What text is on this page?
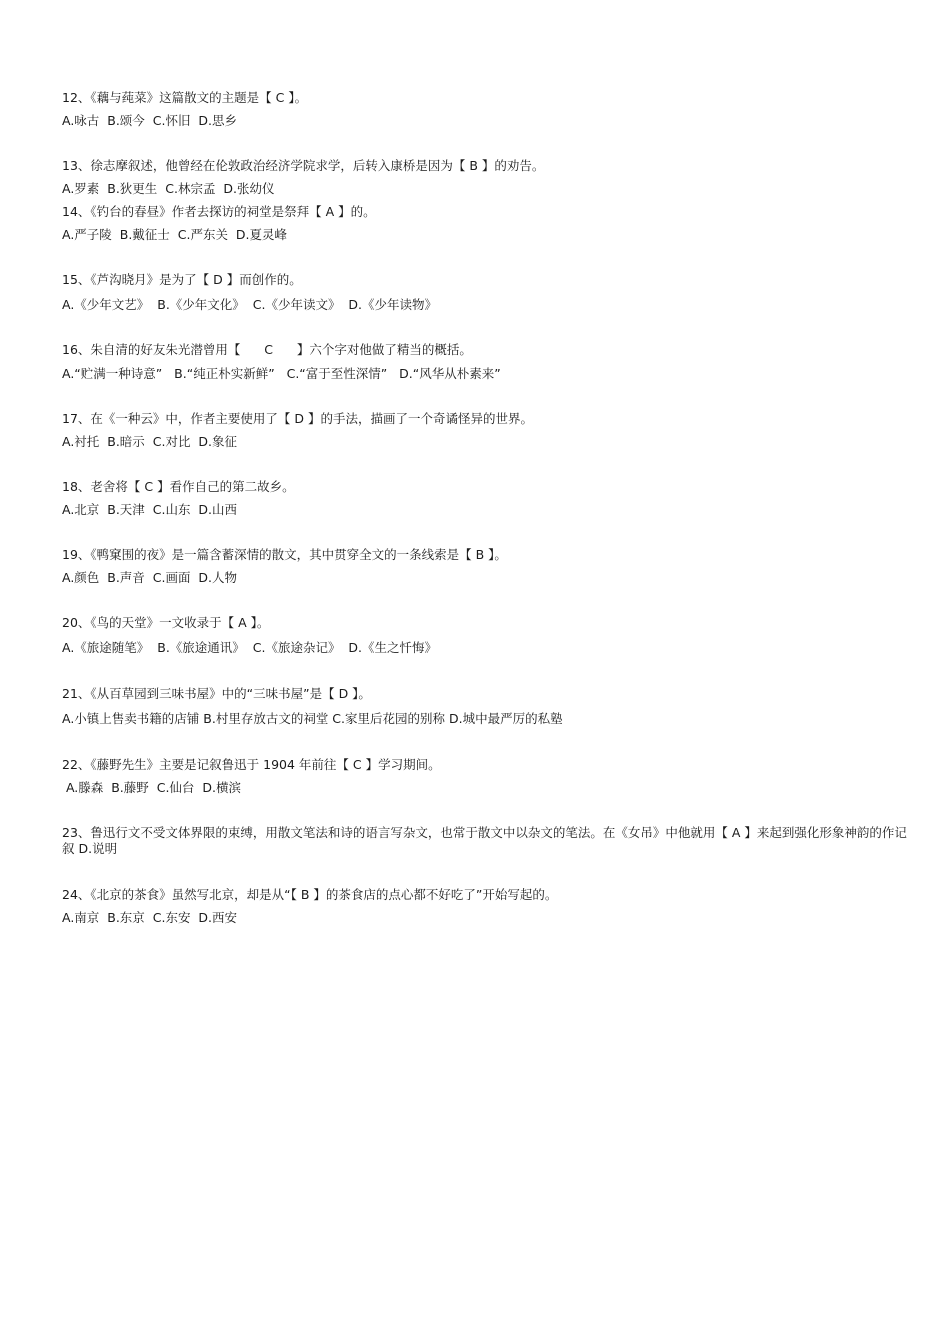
12、《藕与莼菜》这篇散文的主题是【 C 】。
A.咏古  B.颂今  C.怀旧  D.思乡
13、徐志摩叙述，他曾经在伦敦政治经济学院求学，后转入康桥是因为【 B 】的劝告。
A.罗素  B.狄更生  C.林宗孟  D.张幼仪
14、《钓台的春昼》作者去探访的祠堂是祭拜【 A 】的。
A.严子陵  B.戴征士  C.严东关  D.夏灵峰
15、《芦沟晓月》是为了【 D 】而创作的。
A.《少年文艺》  B.《少年文化》  C.《少年读文》  D.《少年读物》
16、朱自清的好友朱光潜曾用【      C      】六个字对他做了精当的概括。
A.“贮满一种诗意”   B.“纯正朴实新鲜”   C.“富于至性深情”   D.“风华从朴素来”
17、在《一种云》中，作者主要使用了【 D 】的手法，描画了一个奇谲怪异的世界。
A.衬托  B.暗示  C.对比  D.象征
18、老舍将【 C 】看作自己的第二故乡。
A.北京  B.天津  C.山东  D.山西
19、《鸭窠围的夜》是一篇含蓄深情的散文，其中贯穿全文的一条线索是【 B 】。
A.颜色  B.声音  C.画面  D.人物
20、《鸟的天堂》一文收录于【 A 】。
A.《旅途随笔》  B.《旅途通讯》  C.《旅途杂记》  D.《生之忏悔》
21、《从百草园到三味书屋》中的“三味书屋”是【 D 】。
A.小镇上售卖书籍的店铺 B.村里存放古文的祠堂 C.家里后花园的别称 D.城中最严厉的私塾
22、《藤野先生》主要是记叙鲁迅于 1904 年前往【 C 】学习期间。
A.滕森  B.藤野  C.仙台  D.横滨
23、鲁迅行文不受文体界限的束缚，用散文笔法和诗的语言写杂文，也常于散文中以杂文的笔法。在《女吊》中他就用【 A 】来起到强化形象神韵的作记叙 D.说明
24、《北京的茶食》虽然写北京，却是从“【 B 】的茶食店的点心都不好吃了”开始写起的。
A.南京  B.东京  C.东安  D.西安
